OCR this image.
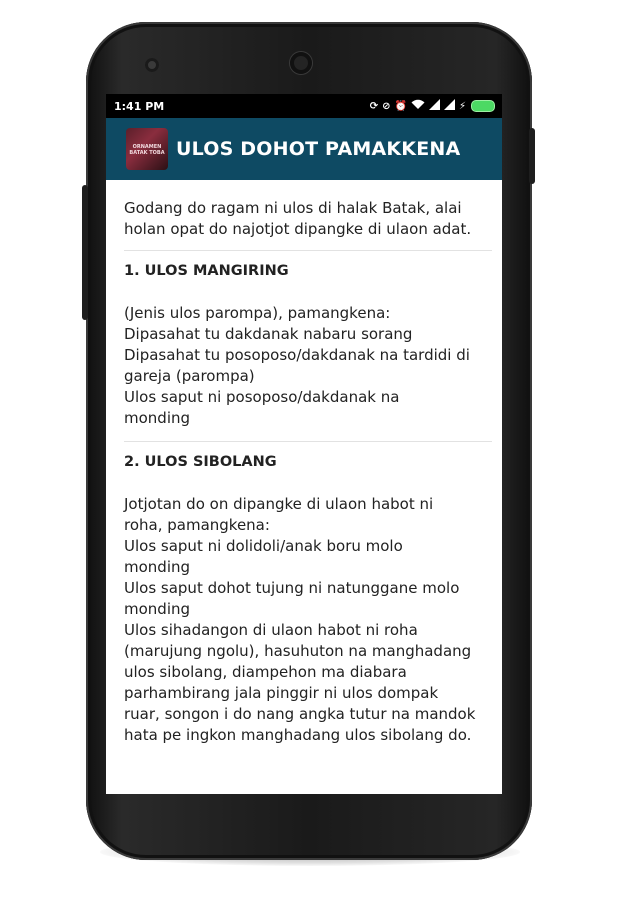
1:41 PM	⟳ ⊘ ⏰	⚡
ORNAMEN BATAK TOBA ULOS DOHOT PAMAKKENA
Godang do ragam ni ulos di halak Batak, alai
holan opat do najotjot dipangke di ulaon adat.
1. ULOS MANGIRING
(Jenis ulos parompa), pamangkena:
Dipasahat tu dakdanak nabaru sorang
Dipasahat tu posoposo/dakdanak na tardidi di
gareja (parompa)
Ulos saput ni posoposo/dakdanak na
monding
2. ULOS SIBOLANG
Jotjotan do on dipangke di ulaon habot ni
roha, pamangkena:
Ulos saput ni dolidoli/anak boru molo
monding
Ulos saput dohot tujung ni natunggane molo
monding
Ulos sihadangon di ulaon habot ni roha
(marujung ngolu), hasuhuton na manghadang
ulos sibolang, diampehon ma diabara
parhambirang jala pinggir ni ulos dompak
ruar, songon i do nang angka tutur na mandok
hata pe ingkon manghadang ulos sibolang do.
